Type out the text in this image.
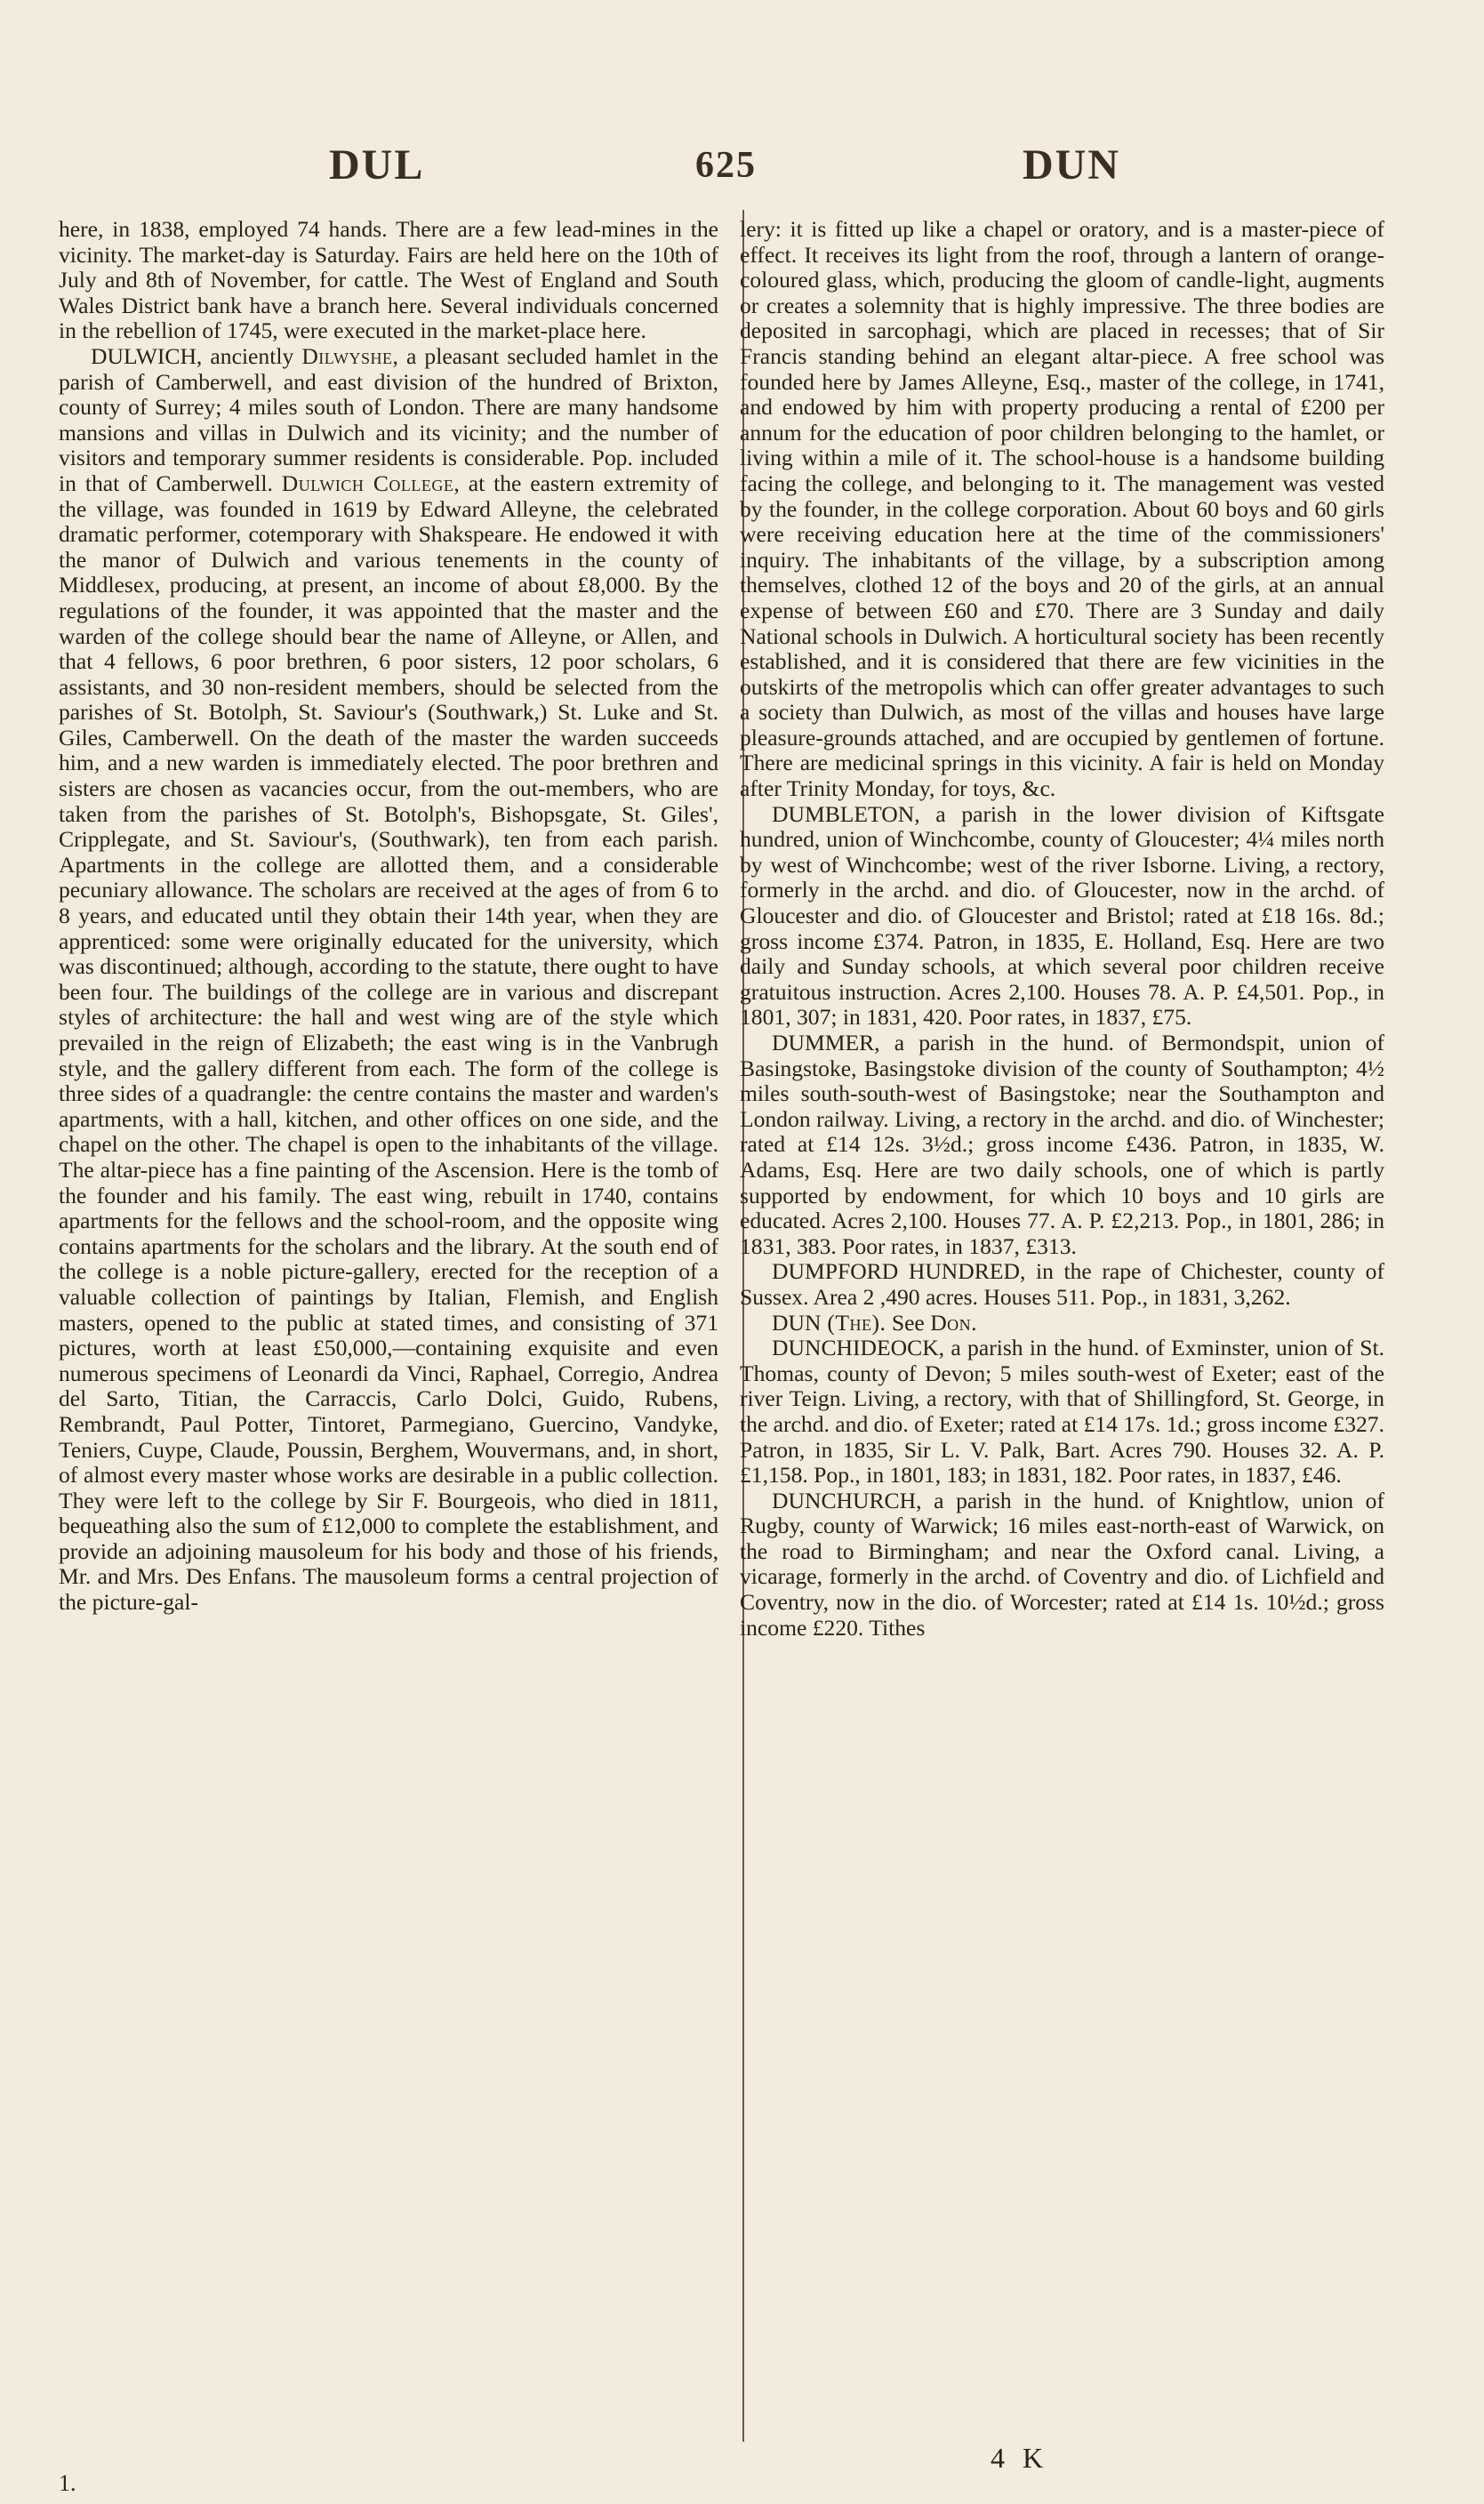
DUL	625	DUN

here, in 1838, employed 74 hands. There are a few lead-mines in the vicinity. The market-day is Saturday. Fairs are held here on the 10th of July and 8th of November, for cattle. The West of England and South Wales District bank have a branch here. Several individuals concerned in the rebellion of 1745, were executed in the market-place here.

DULWICH, anciently Dilwyshe, a pleasant secluded hamlet in the parish of Camberwell, and east division of the hundred of Brixton, county of Surrey; 4 miles south of London. There are many handsome mansions and villas in Dulwich and its vicinity; and the number of visitors and temporary summer residents is considerable. Pop. included in that of Camberwell. Dulwich College, at the eastern extremity of the village, was founded in 1619 by Edward Alleyne, the celebrated dramatic performer, cotemporary with Shakspeare. He endowed it with the manor of Dulwich and various tenements in the county of Middlesex, producing, at present, an income of about £8,000. By the regulations of the founder, it was appointed that the master and the warden of the college should bear the name of Alleyne, or Allen, and that 4 fellows, 6 poor brethren, 6 poor sisters, 12 poor scholars, 6 assistants, and 30 non-resident members, should be selected from the parishes of St. Botolph, St. Saviour's (Southwark,) St. Luke and St. Giles, Camberwell. On the death of the master the warden succeeds him, and a new warden is immediately elected. The poor brethren and sisters are chosen as vacancies occur, from the out-members, who are taken from the parishes of St. Botolph's, Bishopsgate, St. Giles', Cripplegate, and St. Saviour's, (Southwark), ten from each parish. Apartments in the college are allotted them, and a considerable pecuniary allowance. The scholars are received at the ages of from 6 to 8 years, and educated until they obtain their 14th year, when they are apprenticed: some were originally educated for the university, which was discontinued; although, according to the statute, there ought to have been four. The buildings of the college are in various and discrepant styles of architecture: the hall and west wing are of the style which prevailed in the reign of Elizabeth; the east wing is in the Vanbrugh style, and the gallery different from each. The form of the college is three sides of a quadrangle: the centre contains the master and warden's apartments, with a hall, kitchen, and other offices on one side, and the chapel on the other. The chapel is open to the inhabitants of the village. The altar-piece has a fine painting of the Ascension. Here is the tomb of the founder and his family. The east wing, rebuilt in 1740, contains apartments for the fellows and the school-room, and the opposite wing contains apartments for the scholars and the library. At the south end of the college is a noble picture-gallery, erected for the reception of a valuable collection of paintings by Italian, Flemish, and English masters, opened to the public at stated times, and consisting of 371 pictures, worth at least £50,000,—containing exquisite and even numerous specimens of Leonardi da Vinci, Raphael, Corregio, Andrea del Sarto, Titian, the Carraccis, Carlo Dolci, Guido, Rubens, Rembrandt, Paul Potter, Tintoret, Parmegiano, Guercino, Vandyke, Teniers, Cuype, Claude, Poussin, Berghem, Wouvermans, and, in short, of almost every master whose works are desirable in a public collection. They were left to the college by Sir F. Bourgeois, who died in 1811, bequeathing also the sum of £12,000 to complete the establishment, and provide an adjoining mausoleum for his body and those of his friends, Mr. and Mrs. Des Enfans. The mausoleum forms a central projection of the picture-gal-

lery: it is fitted up like a chapel or oratory, and is a master-piece of effect. It receives its light from the roof, through a lantern of orange-coloured glass, which, producing the gloom of candle-light, augments or creates a solemnity that is highly impressive. The three bodies are deposited in sarcophagi, which are placed in recesses; that of Sir Francis standing behind an elegant altar-piece. A free school was founded here by James Alleyne, Esq., master of the college, in 1741, and endowed by him with property producing a rental of £200 per annum for the education of poor children belonging to the hamlet, or living within a mile of it. The school-house is a handsome building facing the college, and belonging to it. The management was vested by the founder, in the college corporation. About 60 boys and 60 girls were receiving education here at the time of the commissioners' inquiry. The inhabitants of the village, by a subscription among themselves, clothed 12 of the boys and 20 of the girls, at an annual expense of between £60 and £70. There are 3 Sunday and daily National schools in Dulwich. A horticultural society has been recently established, and it is considered that there are few vicinities in the outskirts of the metropolis which can offer greater advantages to such a society than Dulwich, as most of the villas and houses have large pleasure-grounds attached, and are occupied by gentlemen of fortune. There are medicinal springs in this vicinity. A fair is held on Monday after Trinity Monday, for toys, &c.

DUMBLETON, a parish in the lower division of Kiftsgate hundred, union of Winchcombe, county of Gloucester; 4¼ miles north by west of Winchcombe; west of the river Isborne. Living, a rectory, formerly in the archd. and dio. of Gloucester, now in the archd. of Gloucester and dio. of Gloucester and Bristol; rated at £18 16s. 8d.; gross income £374. Patron, in 1835, E. Holland, Esq. Here are two daily and Sunday schools, at which several poor children receive gratuitous instruction. Acres 2,100. Houses 78. A. P. £4,501. Pop., in 1801, 307; in 1831, 420. Poor rates, in 1837, £75.

DUMMER, a parish in the hund. of Bermondspit, union of Basingstoke, Basingstoke division of the county of Southampton; 4½ miles south-south-west of Basingstoke; near the Southampton and London railway. Living, a rectory in the archd. and dio. of Winchester; rated at £14 12s. 3½d.; gross income £436. Patron, in 1835, W. Adams, Esq. Here are two daily schools, one of which is partly supported by endowment, for which 10 boys and 10 girls are educated. Acres 2,100. Houses 77. A. P. £2,213. Pop., in 1801, 286; in 1831, 383. Poor rates, in 1837, £313.

DUMPFORD HUNDRED, in the rape of Chichester, county of Sussex. Area 2 ,490 acres. Houses 511. Pop., in 1831, 3,262.

DUN (The). See Don.

DUNCHIDEOCK, a parish in the hund. of Exminster, union of St. Thomas, county of Devon; 5 miles south-west of Exeter; east of the river Teign. Living, a rectory, with that of Shillingford, St. George, in the archd. and dio. of Exeter; rated at £14 17s. 1d.; gross income £327. Patron, in 1835, Sir L. V. Palk, Bart. Acres 790. Houses 32. A. P. £1,158. Pop., in 1801, 183; in 1831, 182. Poor rates, in 1837, £46.

DUNCHURCH, a parish in the hund. of Knightlow, union of Rugby, county of Warwick; 16 miles east-north-east of Warwick, on the road to Birmingham; and near the Oxford canal. Living, a vicarage, formerly in the archd. of Coventry and dio. of Lichfield and Coventry, now in the dio. of Worcester; rated at £14 1s. 10½d.; gross income £220. Tithes

1.
4 K
